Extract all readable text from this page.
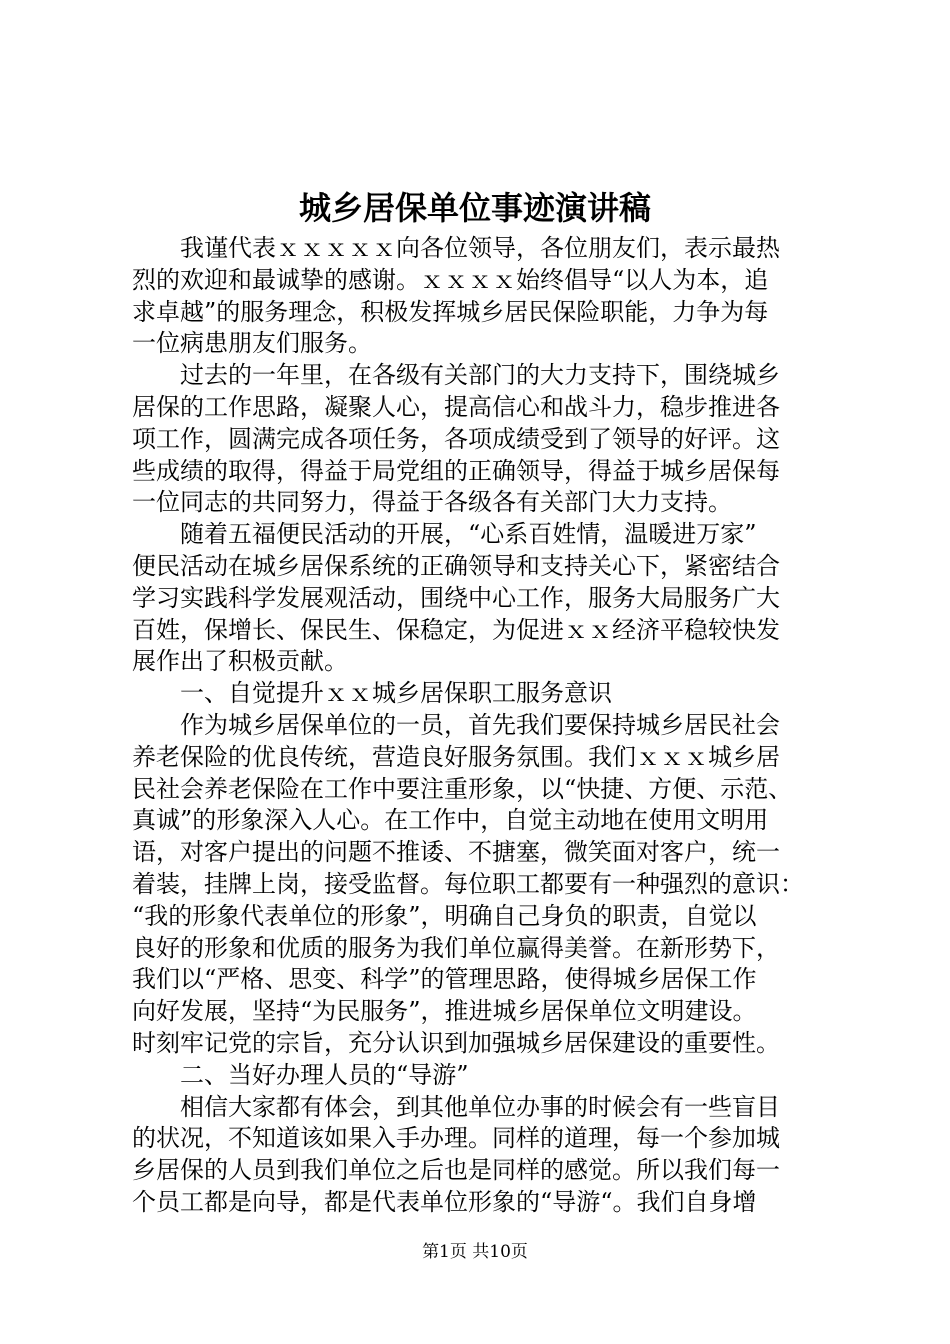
城乡居保单位事迹演讲稿
　　我谨代表ｘｘｘｘｘ向各位领导，各位朋友们，表示最热
烈的欢迎和最诚挚的感谢。ｘｘｘｘ始终倡导“以人为本，追
求卓越”的服务理念，积极发挥城乡居民保险职能，力争为每
一位病患朋友们服务。
　　过去的一年里，在各级有关部门的大力支持下，围绕城乡
居保的工作思路，凝聚人心，提高信心和战斗力，稳步推进各
项工作，圆满完成各项任务，各项成绩受到了领导的好评。这
些成绩的取得，得益于局党组的正确领导，得益于城乡居保每
一位同志的共同努力，得益于各级各有关部门大力支持。
　　随着五福便民活动的开展，“心系百姓情，温暖进万家”
便民活动在城乡居保系统的正确领导和支持关心下，紧密结合
学习实践科学发展观活动，围绕中心工作，服务大局服务广大
百姓，保增长、保民生、保稳定，为促进ｘｘ经济平稳较快发
展作出了积极贡献。
　　一、自觉提升ｘｘ城乡居保职工服务意识
　　作为城乡居保单位的一员，首先我们要保持城乡居民社会
养老保险的优良传统，营造良好服务氛围。我们ｘｘｘ城乡居
民社会养老保险在工作中要注重形象，以“快捷、方便、示范、
真诚”的形象深入人心。在工作中，自觉主动地在使用文明用
语，对客户提出的问题不推诿、不搪塞，微笑面对客户，统一
着装，挂牌上岗，接受监督。每位职工都要有一种强烈的意识：
“我的形象代表单位的形象”，明确自己身负的职责，自觉以
良好的形象和优质的服务为我们单位赢得美誉。在新形势下，
我们以“严格、思变、科学”的管理思路，使得城乡居保工作
向好发展，坚持“为民服务”，推进城乡居保单位文明建设。
时刻牢记党的宗旨，充分认识到加强城乡居保建设的重要性。
　　二、当好办理人员的“导游”
　　相信大家都有体会，到其他单位办事的时候会有一些盲目
的状况，不知道该如果入手办理。同样的道理，每一个参加城
乡居保的人员到我们单位之后也是同样的感觉。所以我们每一
个员工都是向导，都是代表单位形象的“导游“。我们自身增
第1页 共10页
